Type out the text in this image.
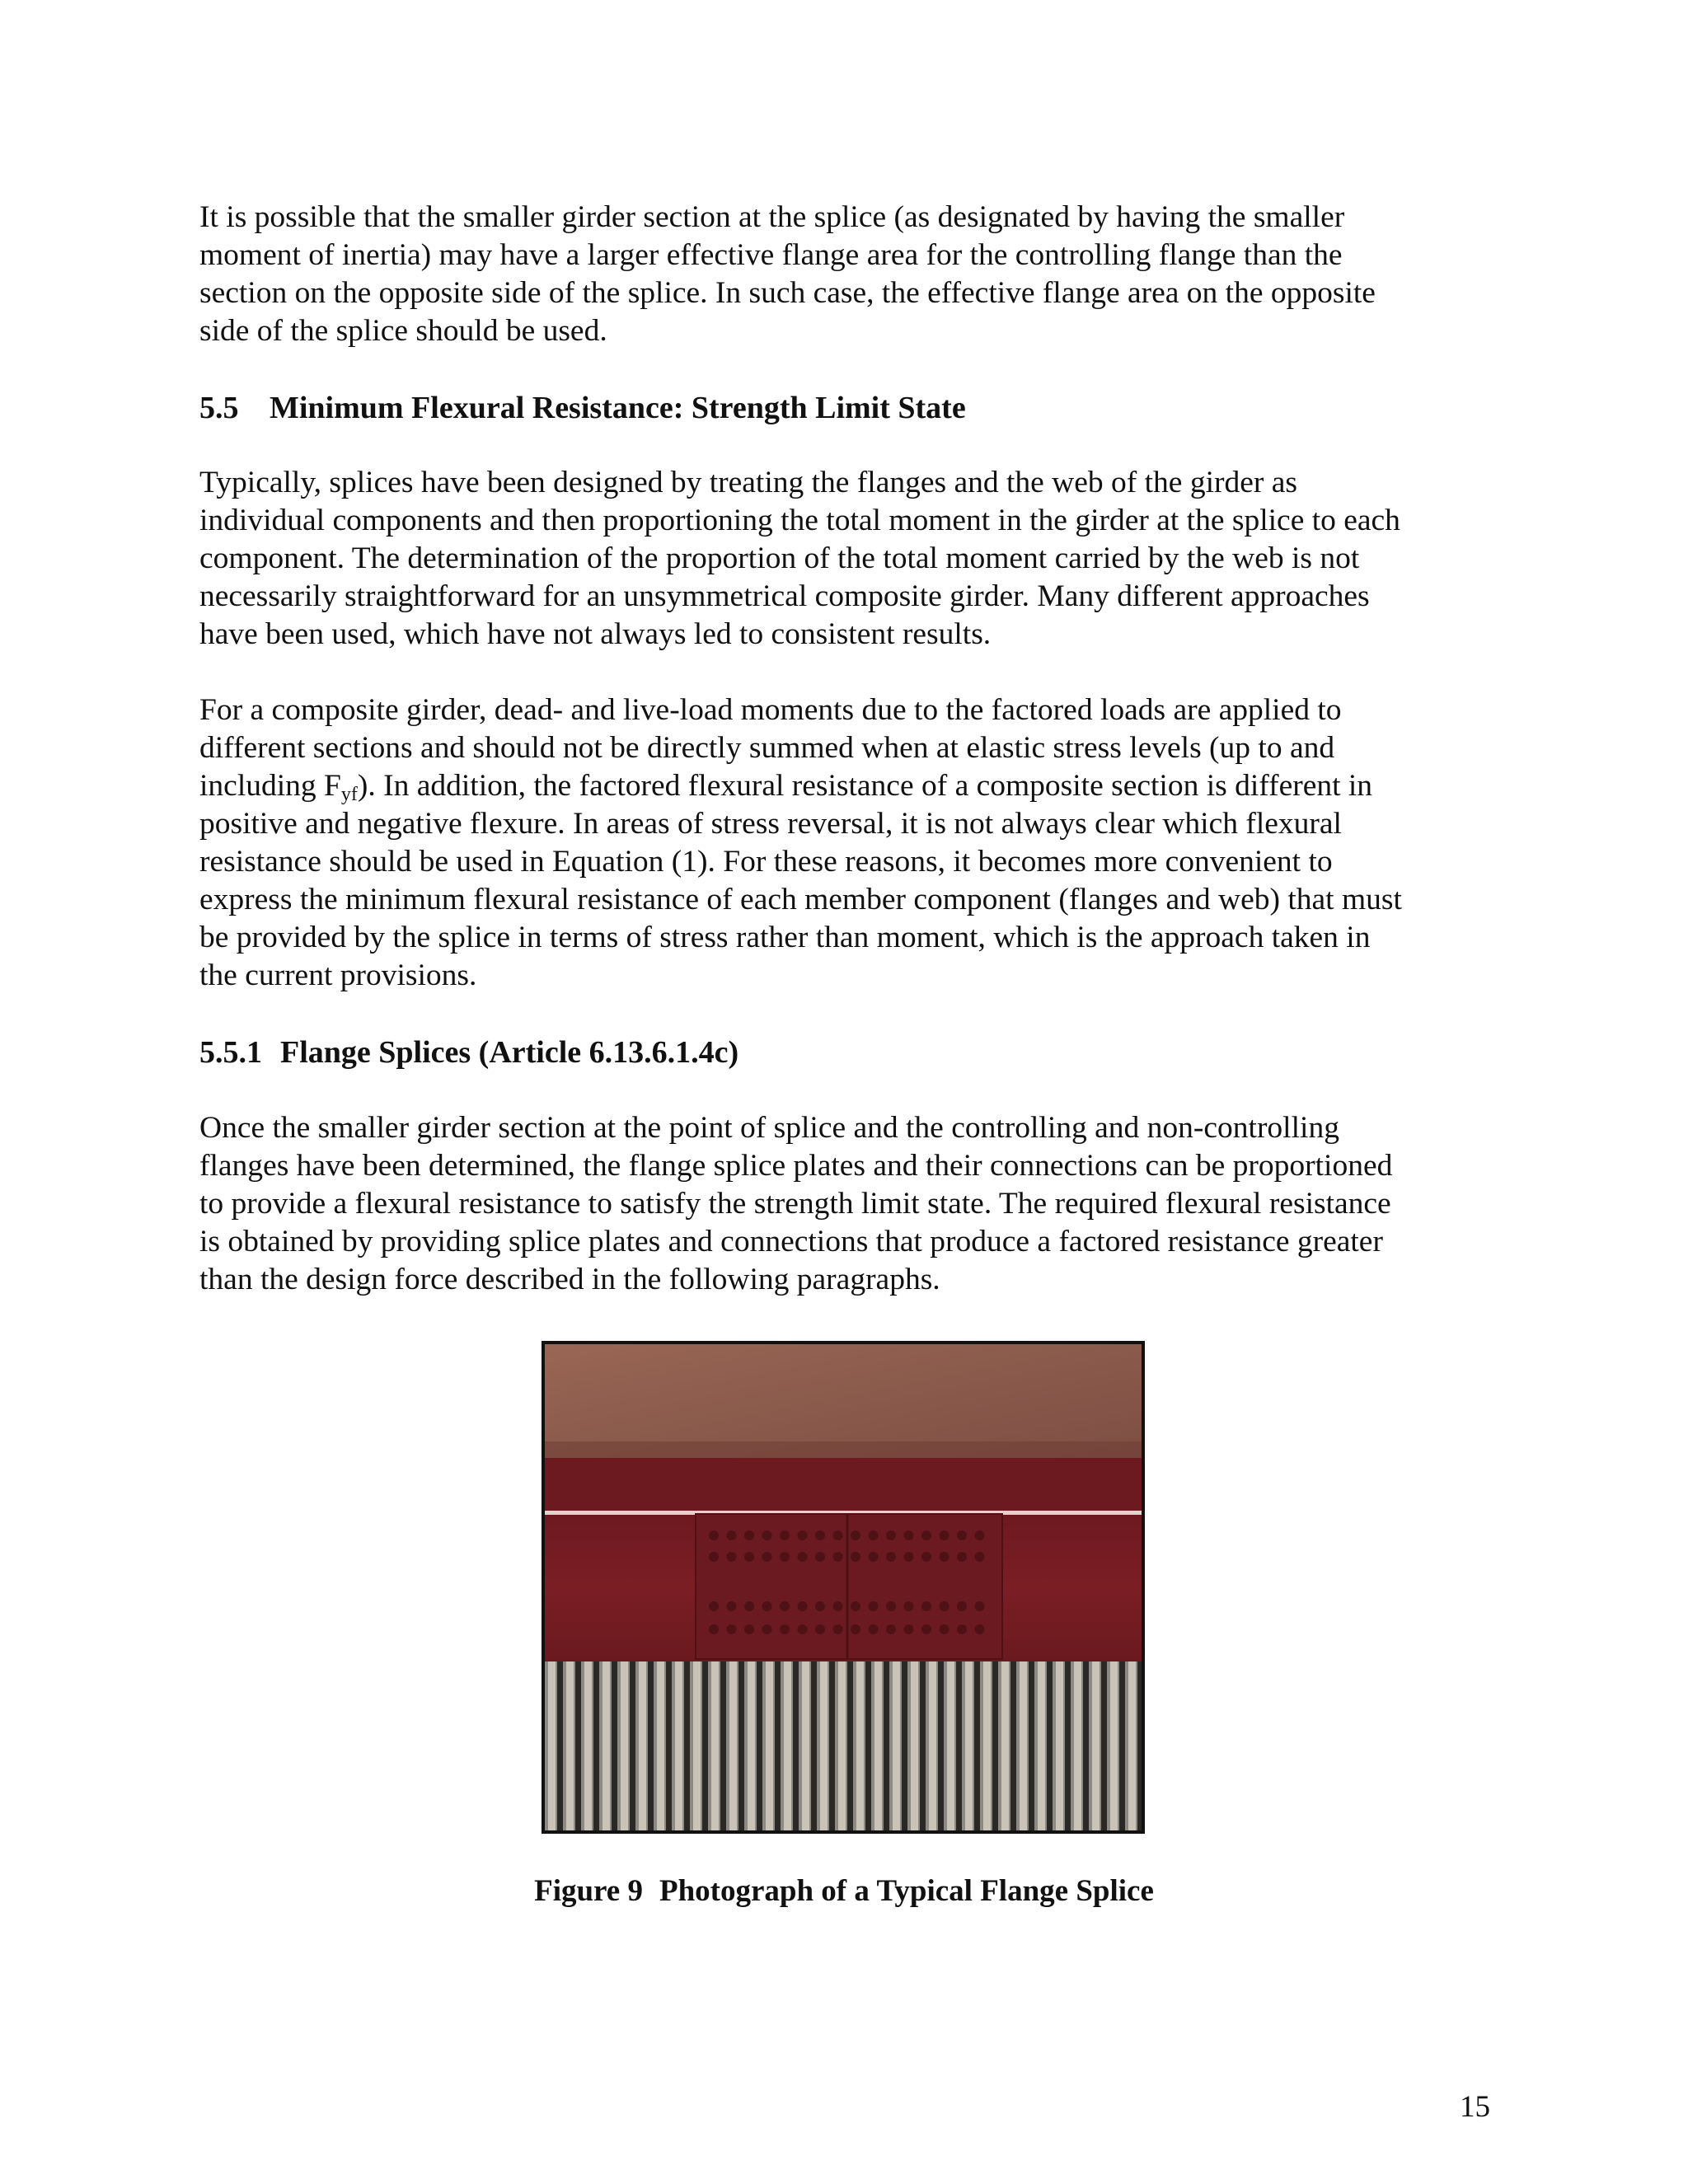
It is possible that the smaller girder section at the splice (as designated by having the smaller
moment of inertia) may have a larger effective flange area for the controlling flange than the
section on the opposite side of the splice. In such case, the effective flange area on the opposite
side of the splice should be used.

5.5 Minimum Flexural Resistance: Strength Limit State

Typically, splices have been designed by treating the flanges and the web of the girder as
individual components and then proportioning the total moment in the girder at the splice to each
component. The determination of the proportion of the total moment carried by the web is not
necessarily straightforward for an unsymmetrical composite girder. Many different approaches
have been used, which have not always led to consistent results.

For a composite girder, dead- and live-load moments due to the factored loads are applied to
different sections and should not be directly summed when at elastic stress levels (up to and
including $F_{yf}$). In addition, the factored flexural resistance of a composite section is different in
positive and negative flexure. In areas of stress reversal, it is not always clear which flexural
resistance should be used in Equation (1). For these reasons, it becomes more convenient to
express the minimum flexural resistance of each member component (flanges and web) that must
be provided by the splice in terms of stress rather than moment, which is the approach taken in
the current provisions.

5.5.1 Flange Splices (Article 6.13.6.1.4c)

Once the smaller girder section at the point of splice and the controlling and non-controlling
flanges have been determined, the flange splice plates and their connections can be proportioned
to provide a flexural resistance to satisfy the strength limit state. The required flexural resistance
is obtained by providing splice plates and connections that produce a factored resistance greater
than the design force described in the following paragraphs.

Figure 9 Photograph of a Typical Flange Splice
15
